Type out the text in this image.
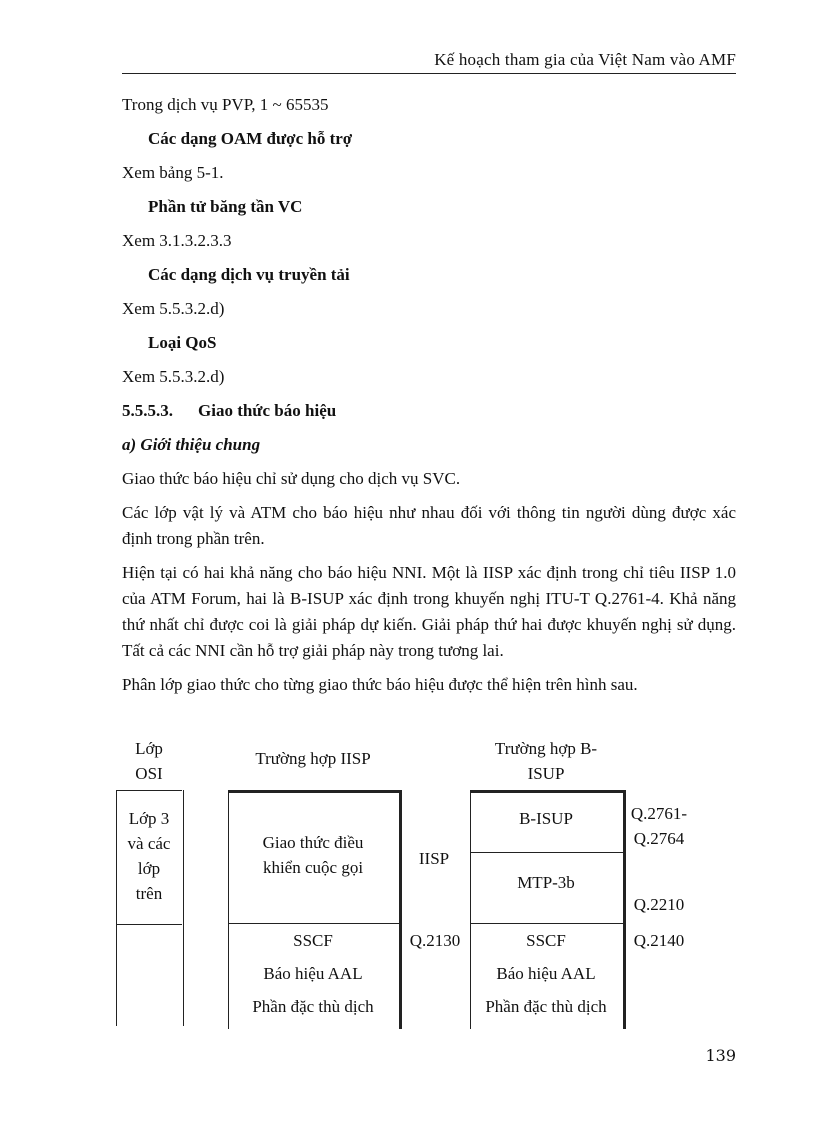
Kế hoạch tham gia của Việt Nam vào AMF

Trong dịch vụ PVP, 1 ~ 65535

Các dạng OAM được hỗ trợ

Xem bảng 5-1.

Phần tử băng tần VC

Xem 3.1.3.2.3.3

Các dạng dịch vụ truyền tải

Xem 5.5.3.2.d)

Loại QoS

Xem 5.5.3.2.d)

5.5.5.3. Giao thức báo hiệu

a) Giới thiệu chung

Giao thức báo hiệu chỉ sử dụng cho dịch vụ SVC.

Các lớp vật lý và ATM cho báo hiệu như nhau đối với thông tin người dùng được xác định trong phần trên.

Hiện tại có hai khả năng cho báo hiệu NNI. Một là IISP xác định trong chỉ tiêu IISP 1.0 của ATM Forum, hai là B-ISUP xác định trong khuyến nghị ITU-T Q.2761-4. Khả năng thứ nhất chỉ được coi là giải pháp dự kiến. Giải pháp thứ hai được khuyến nghị sử dụng. Tất cả các NNI cần hỗ trợ giải pháp này trong tương lai.

Phân lớp giao thức cho từng giao thức báo hiệu được thể hiện trên hình sau.

Lớp
OSI
Trường hợp IISP
Trường hợp B-
ISUP
Lớp 3
và các
lớp
trên
Giao thức điều
khiển cuộc gọi
SSCF
Báo hiệu AAL
Phần đặc thù dịch
IISP
Q.2130
B-ISUP
MTP-3b
SSCF
Báo hiệu AAL
Phần đặc thù dịch
Q.2761-
Q.2764
Q.2210
Q.2140
139
